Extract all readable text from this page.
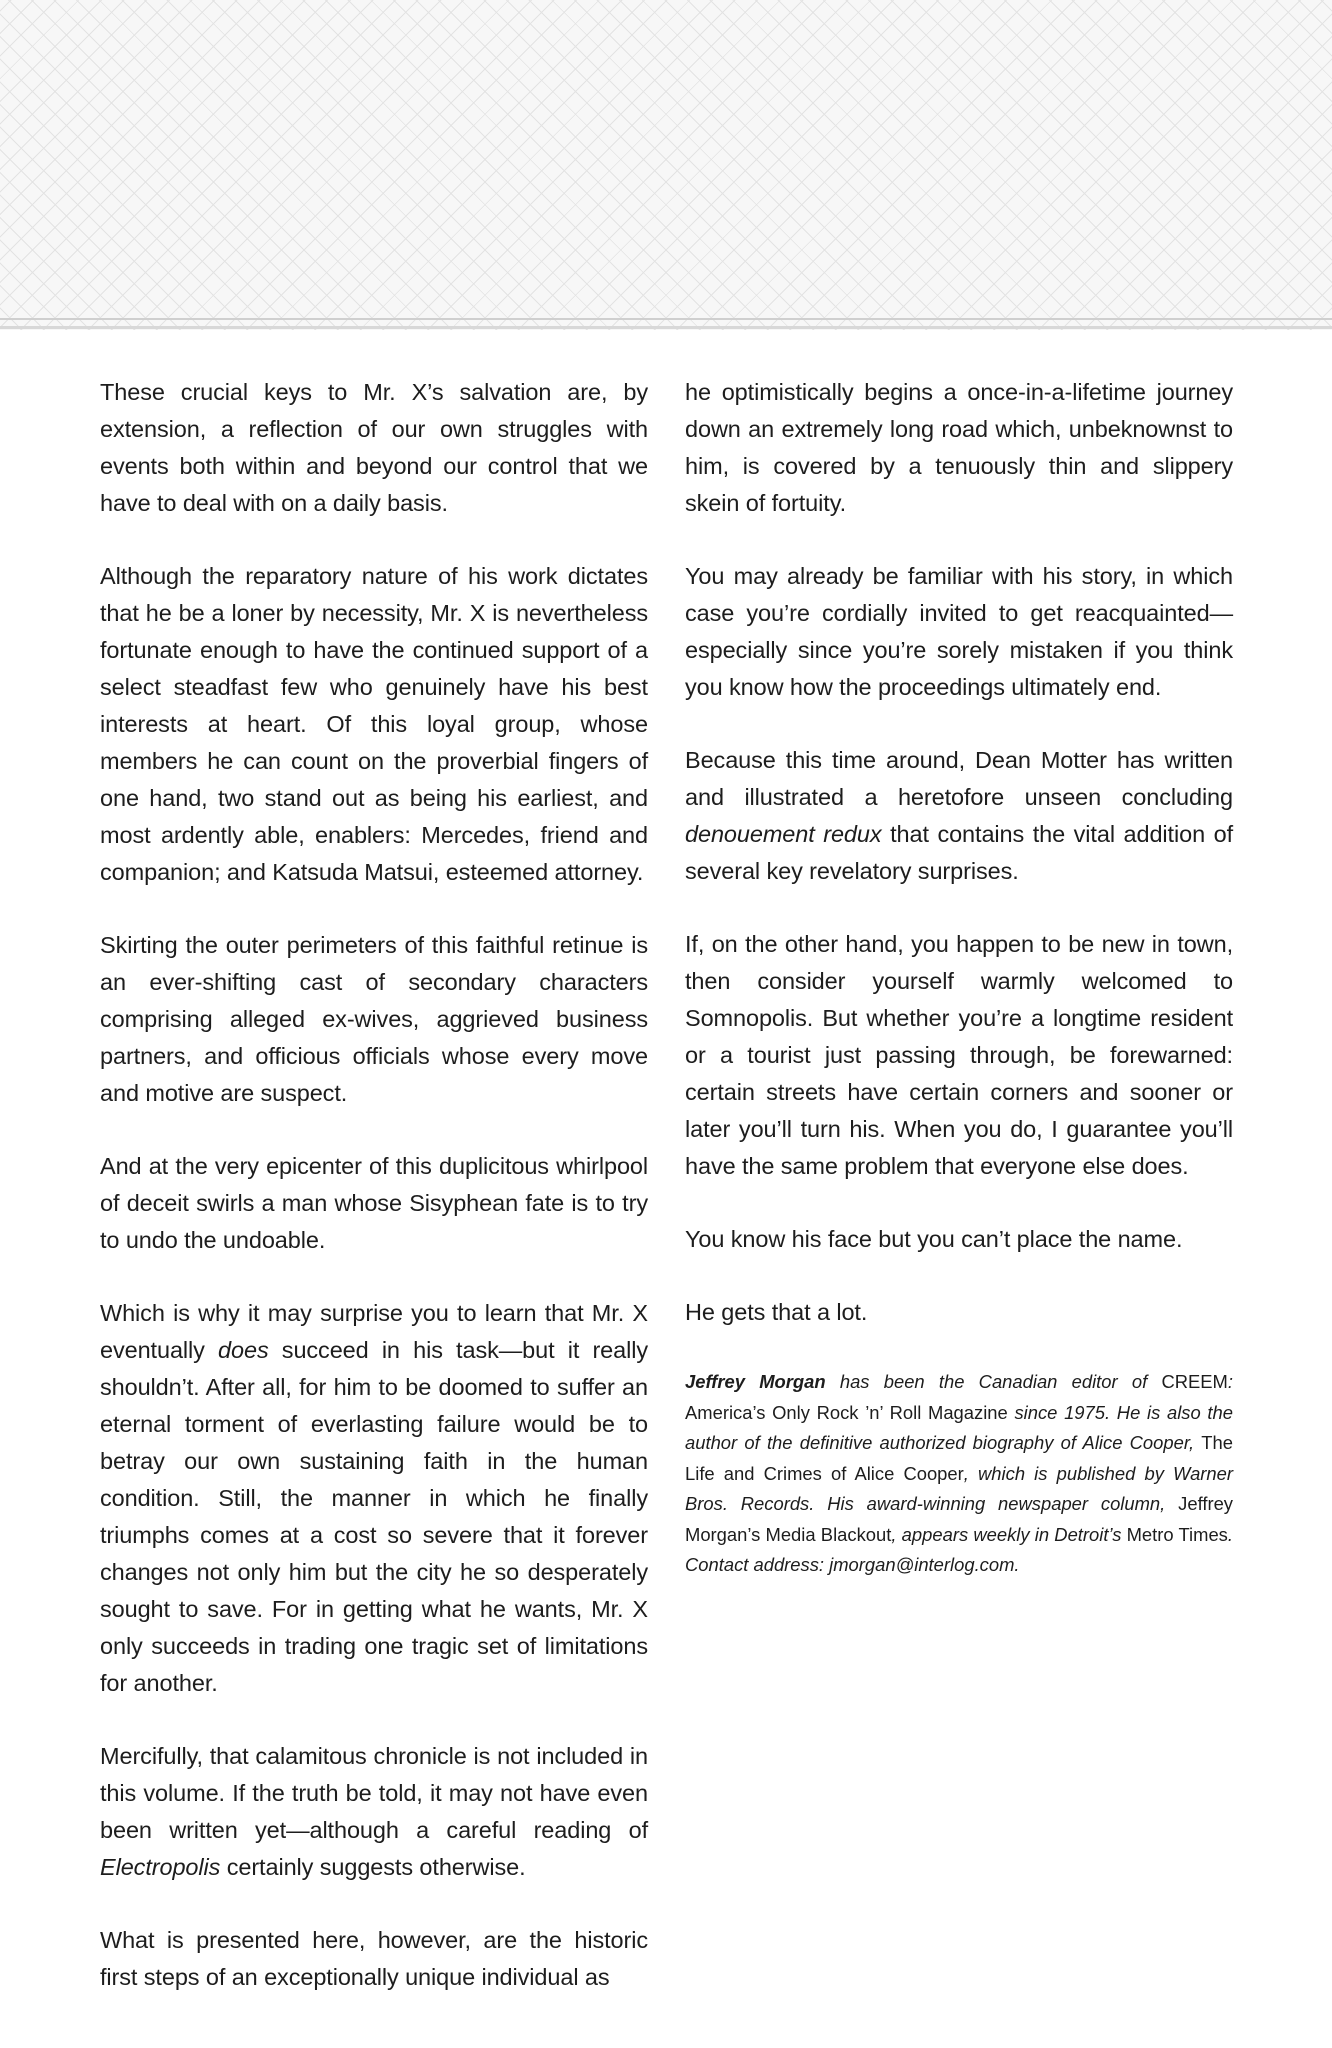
These crucial keys to Mr. X’s salvation are, by extension, a reflection of our own struggles with events both within and beyond our control that we have to deal with on a daily basis.

Although the reparatory nature of his work dictates that he be a loner by necessity, Mr. X is nevertheless fortunate enough to have the continued support of a select steadfast few who genuinely have his best interests at heart. Of this loyal group, whose members he can count on the proverbial fingers of one hand, two stand out as being his earliest, and most ardently able, enablers: Mercedes, friend and companion; and Katsuda Matsui, esteemed attorney.

Skirting the outer perimeters of this faithful retinue is an ever-shifting cast of secondary characters comprising alleged ex-wives, aggrieved business partners, and officious officials whose every move and motive are suspect.

And at the very epicenter of this duplicitous whirlpool of deceit swirls a man whose Sisyphean fate is to try to undo the undoable.

Which is why it may surprise you to learn that Mr. X eventually does succeed in his task—but it really shouldn’t. After all, for him to be doomed to suffer an eternal torment of everlasting failure would be to betray our own sustaining faith in the human condition. Still, the manner in which he finally triumphs comes at a cost so severe that it forever changes not only him but the city he so desperately sought to save. For in getting what he wants, Mr. X only succeeds in trading one tragic set of limitations for another.

Mercifully, that calamitous chronicle is not included in this volume. If the truth be told, it may not have even been written yet—although a careful reading of Electropolis certainly suggests otherwise.

What is presented here, however, are the historic first steps of an exceptionally unique individual as

he optimistically begins a once-in-a-lifetime journey down an extremely long road which, unbeknownst to him, is covered by a tenuously thin and slippery skein of fortuity.

You may already be familiar with his story, in which case you’re cordially invited to get reacquainted—especially since you’re sorely mistaken if you think you know how the proceedings ultimately end.

Because this time around, Dean Motter has written and illustrated a heretofore unseen concluding denouement redux that contains the vital addition of several key revelatory surprises.

If, on the other hand, you happen to be new in town, then consider yourself warmly welcomed to Somnopolis. But whether you’re a longtime resident or a tourist just passing through, be forewarned: certain streets have certain corners and sooner or later you’ll turn his. When you do, I guarantee you’ll have the same problem that everyone else does.

You know his face but you can’t place the name.

He gets that a lot.

Jeffrey Morgan has been the Canadian editor of CREEM: America’s Only Rock ’n’ Roll Magazine since 1975. He is also the author of the definitive authorized biography of Alice Cooper, The Life and Crimes of Alice Cooper, which is published by Warner Bros. Records. His award-winning newspaper column, Jeffrey Morgan’s Media Blackout, appears weekly in Detroit’s Metro Times. Contact address: jmorgan@interlog.com.
